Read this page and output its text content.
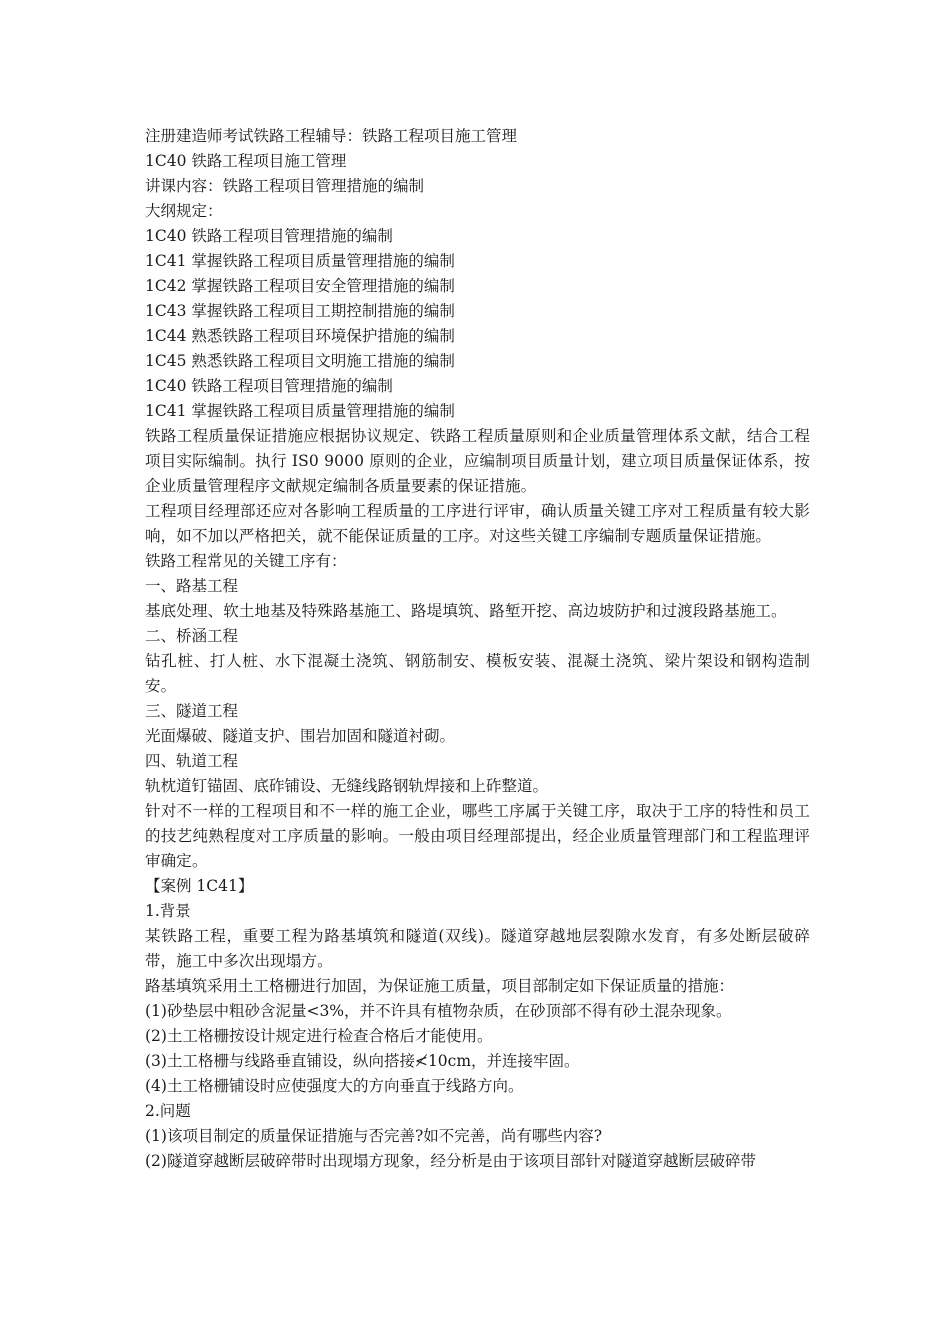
注册建造师考试铁路工程辅导：铁路工程项目施工管理

1C40 铁路工程项目施工管理

讲课内容：铁路工程项目管理措施的编制

大纲规定：

1C40 铁路工程项目管理措施的编制

1C41 掌握铁路工程项目质量管理措施的编制

1C42 掌握铁路工程项目安全管理措施的编制

1C43 掌握铁路工程项目工期控制措施的编制

1C44 熟悉铁路工程项目环境保护措施的编制

1C45 熟悉铁路工程项目文明施工措施的编制

1C40 铁路工程项目管理措施的编制

1C41 掌握铁路工程项目质量管理措施的编制

铁路工程质量保证措施应根据协议规定、铁路工程质量原则和企业质量管理体系文献，结合工程项目实际编制。执行 IS0 9000 原则的企业，应编制项目质量计划，建立项目质量保证体系，按企业质量管理程序文献规定编制各质量要素的保证措施。

工程项目经理部还应对各影响工程质量的工序进行评审，确认质量关键工序对工程质量有较大影响，如不加以严格把关，就不能保证质量的工序。对这些关键工序编制专题质量保证措施。

铁路工程常见的关键工序有：

一、路基工程

基底处理、软土地基及特殊路基施工、路堤填筑、路堑开挖、高边坡防护和过渡段路基施工。

二、桥涵工程

钻孔桩、打人桩、水下混凝土浇筑、钢筋制安、模板安装、混凝土浇筑、梁片架设和钢构造制安。

三、隧道工程

光面爆破、隧道支护、围岩加固和隧道衬砌。

四、轨道工程

轨枕道钉锚固、底砟铺设、无缝线路钢轨焊接和上砟整道。

针对不一样的工程项目和不一样的施工企业，哪些工序属于关键工序，取决于工序的特性和员工的技艺纯熟程度对工序质量的影响。一般由项目经理部提出，经企业质量管理部门和工程监理评审确定。

【案例 1C41】

1.背景

某铁路工程，重要工程为路基填筑和隧道(双线)。隧道穿越地层裂隙水发育，有多处断层破碎带，施工中多次出现塌方。

路基填筑采用土工格栅进行加固，为保证施工质量，项目部制定如下保证质量的措施：

(1)砂垫层中粗砂含泥量<3%，并不许具有植物杂质，在砂顶部不得有砂土混杂现象。

(2)土工格栅按设计规定进行检查合格后才能使用。

(3)土工格栅与线路垂直铺设，纵向搭接≮10cm，并连接牢固。

(4)土工格栅铺设时应使强度大的方向垂直于线路方向。

2.问题

(1)该项目制定的质量保证措施与否完善?如不完善，尚有哪些内容?

(2)隧道穿越断层破碎带时出现塌方现象，经分析是由于该项目部针对隧道穿越断层破碎带
